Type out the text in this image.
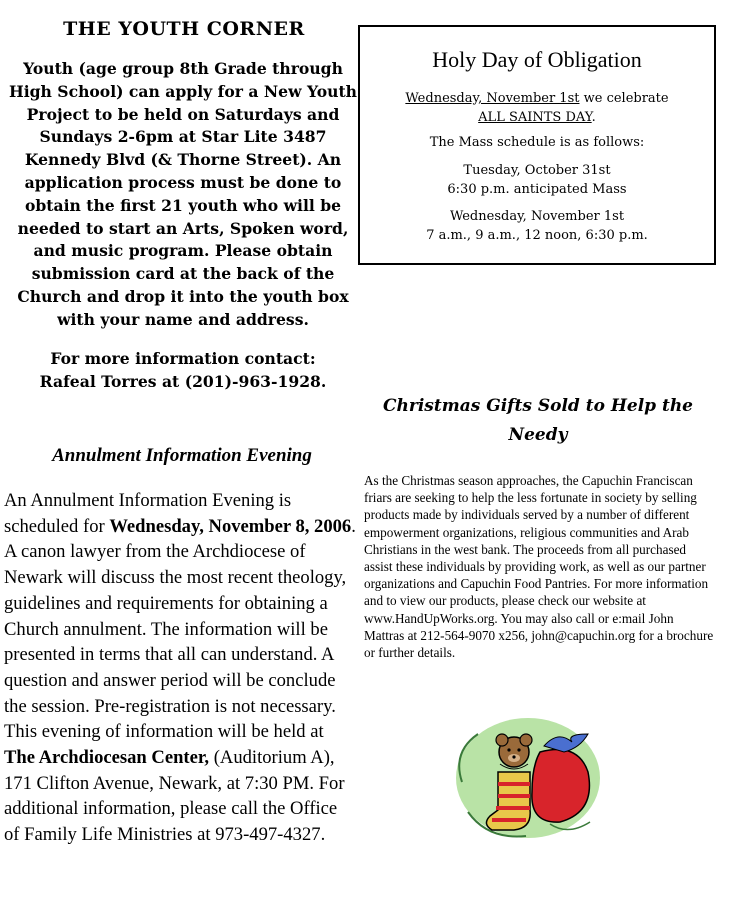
THE YOUTH CORNER
Youth (age group 8th Grade through High School) can apply for a New Youth Project to be held on Saturdays and Sundays 2-6pm at Star Lite 3487 Kennedy Blvd (& Thorne Street). An application process must be done to obtain the first 21 youth who will be needed to start an Arts, Spoken word, and music program. Please obtain submission card at the back of the Church and drop it into the youth box with your name and address.
For more information contact:
Rafeal Torres at (201)-963-1928.
Annulment Information Evening
An Annulment Information Evening is scheduled for Wednesday, November 8, 2006. A canon lawyer from the Archdiocese of Newark will discuss the most recent theology, guidelines and requirements for obtaining a Church annulment. The information will be presented in terms that all can understand. A question and answer period will be conclude the session. Pre-registration is not necessary. This evening of information will be held at The Archdiocesan Center, (Auditorium A), 171 Clifton Avenue, Newark, at 7:30 PM. For additional information, please call the Office of Family Life Ministries at 973-497-4327.
Holy Day of Obligation
Wednesday, November 1st we celebrate
ALL SAINTS DAY.
The Mass schedule is as follows:
Tuesday, October 31st
6:30 p.m. anticipated Mass
Wednesday, November 1st
7 a.m., 9 a.m., 12 noon, 6:30 p.m.
Christmas Gifts Sold to Help the Needy
As the Christmas season approaches, the Capuchin Franciscan friars are seeking to help the less fortunate in society by selling products made by individuals served by a number of different empowerment organizations, religious communities and Arab Christians in the west bank. The proceeds from all purchased assist these individuals by providing work, as well as our partner organizations and Capuchin Food Pantries. For more information and to view our products, please check our website at www.HandUpWorks.org. You may also call or e:mail John Mattras at 212-564-9070 x256, john@capuchin.org for a brochure or further details.
